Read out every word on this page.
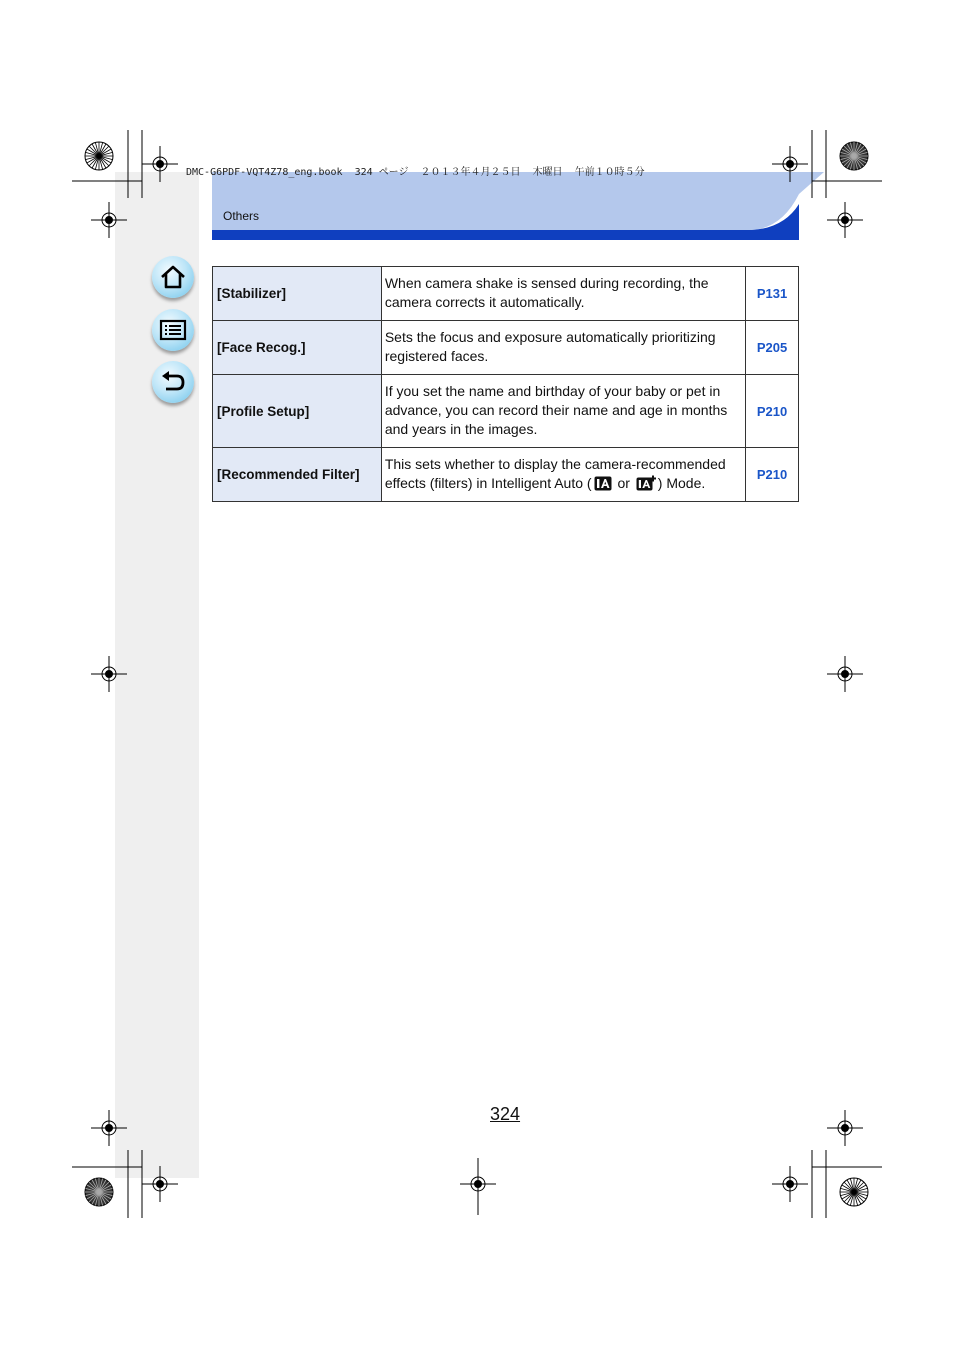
DMC-G6PDF-VQT4Z78_eng.book  324 ページ  ２０１３年４月２５日  木曜日  午前１０時５分
Others
[Stabilizer]	When camera shake is sensed during recording, the camera corrects it automatically.	P131
[Face Recog.]	Sets the focus and exposure automatically prioritizing registered faces.	P205
[Profile Setup]	If you set the name and birthday of your baby or pet in advance, you can record their name and age in months and years in the images.	P210
[Recommended Filter]	This sets whether to display the camera-recommended effects (filters) in Intelligent Auto ( or ) Mode.	P210
324
